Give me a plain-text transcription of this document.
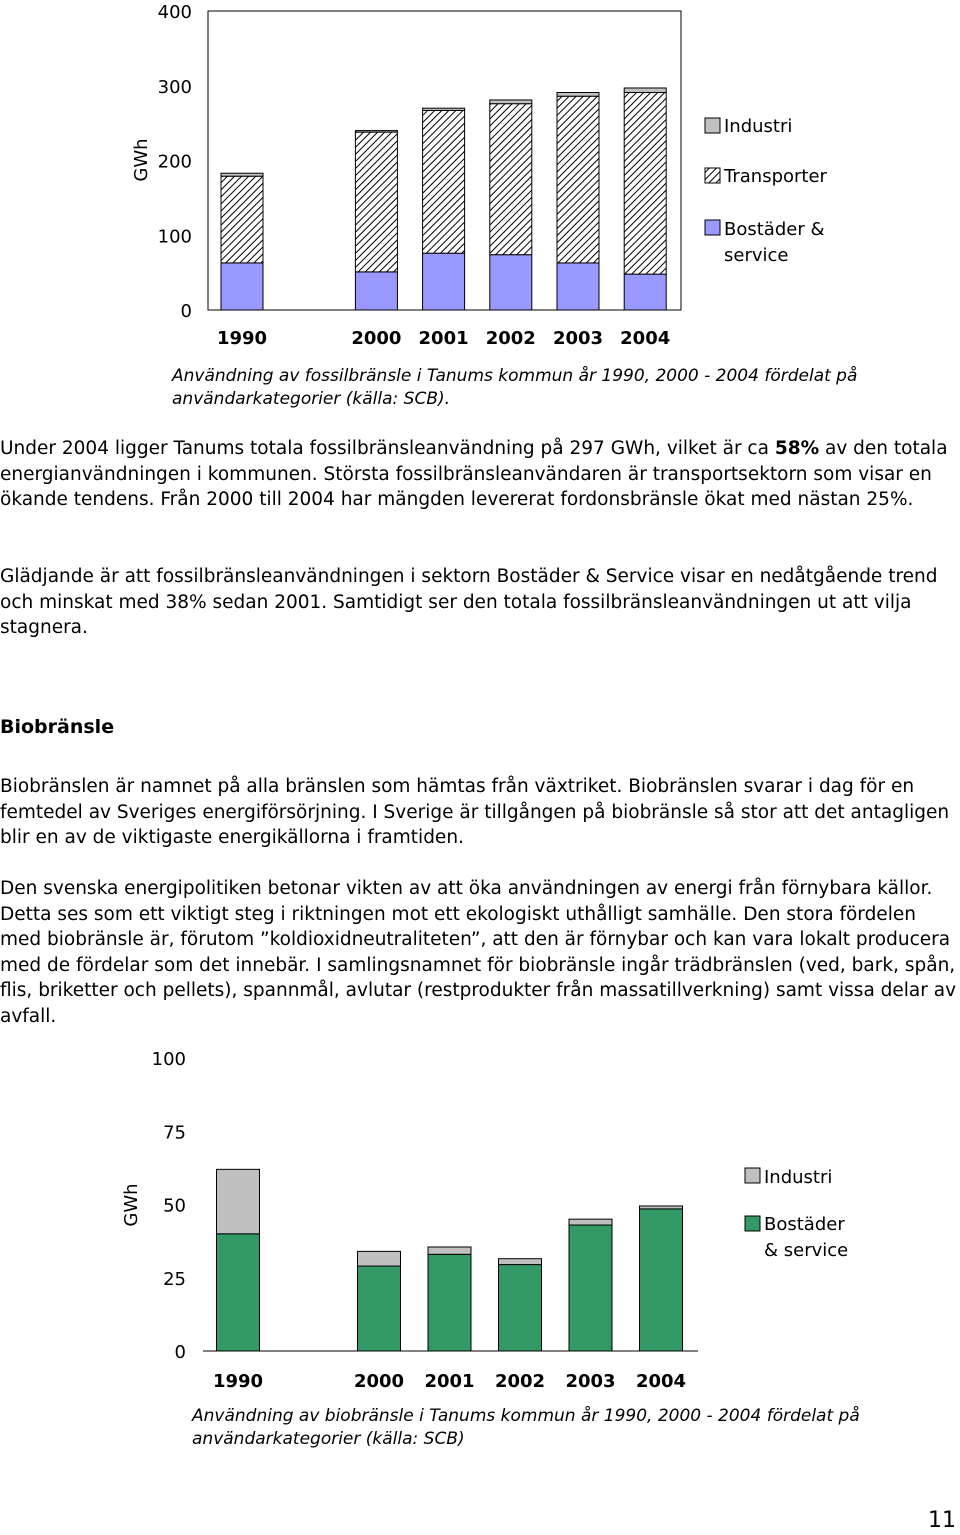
0
100
200
300
400
1990	2000 2001 2002 2003 2004
GWh
Industri
Transporter
Bostäder & service
Användning av fossilbränsle i Tanums kommun år 1990, 2000 - 2004 fördelat på användarkategorier (källa: SCB).

Under 2004 ligger Tanums totala fossilbränsleanvändning på 297 GWh, vilket är ca 58% av den totala energianvändningen i kommunen. Största fossilbränsleanvändaren är transportsektorn som visar en ökande tendens. Från 2000 till 2004 har mängden levererat fordonsbränsle ökat med nästan 25%.

Glädjande är att fossilbränsleanvändningen i sektorn Bostäder & Service visar en nedåtgående trend och minskat med 38% sedan 2001. Samtidigt ser den totala fossilbränsleanvändningen ut att vilja stagnera.

Biobränsle

Biobränslen är namnet på alla bränslen som hämtas från växtriket. Biobränslen svarar i dag för en femtedel av Sveriges energiförsörjning. I Sverige är tillgången på biobränsle så stor att det antagligen blir en av de viktigaste energikällorna i framtiden.

Den svenska energipolitiken betonar vikten av att öka användningen av energi från förnybara källor. Detta ses som ett viktigt steg i riktningen mot ett ekologiskt uthålligt samhälle. Den stora fördelen med biobränsle är, förutom ”koldioxidneutraliteten”, att den är förnybar och kan vara lokalt producera med de fördelar som det innebär. I samlingsnamnet för biobränsle ingår trädbränslen (ved, bark, spån, flis, briketter och pellets), spannmål, avlutar (restprodukter från massatillverkning) samt vissa delar av avfall.

0
25
50
75
100
1990	2000 2001 2002 2003 2004
GWh
Industri
Bostäder & service
Användning av biobränsle i Tanums kommun år 1990, 2000 - 2004 fördelat på användarkategorier (källa: SCB)
11
